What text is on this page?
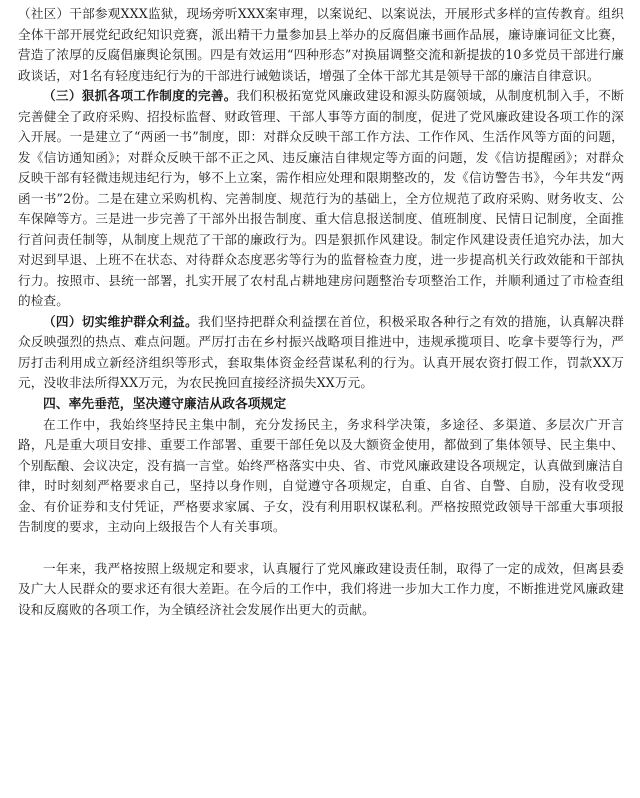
（社区）干部参观XXX监狱，现场旁听XXX案审理，以案说纪、以案说法，开展形式多样的宣传教育。组织全体干部开展党纪政纪知识竞赛，派出精干力量参加县上举办的反腐倡廉书画作品展，廉诗廉词征文比赛，营造了浓厚的反腐倡廉舆论氛围。四是有效运用“四种形态”对换届调整交流和新提拔的10多党员干部进行廉政谈话，对1名有轻度违纪行为的干部进行诫勉谈话，增强了全体干部尤其是领导干部的廉洁自律意识。

（三）狠抓各项工作制度的完善。我们积极拓宽党风廉政建设和源头防腐领域，从制度机制入手，不断完善健全了政府采购、招投标监督、财政管理、干部人事等方面的制度，促进了党风廉政建设各项工作的深入开展。一是建立了“两函一书”制度，即：对群众反映干部工作方法、工作作风、生活作风等方面的问题，发《信访通知函》；对群众反映干部不正之风、违反廉洁自律规定等方面的问题，发《信访提醒函》；对群众反映干部有轻微违规违纪行为，够不上立案，需作相应处理和限期整改的，发《信访警告书》，今年共发“两函一书”2份。二是在建立采购机构、完善制度、规范行为的基础上，全方位规范了政府采购、财务收支、公车保障等方。三是进一步完善了干部外出报告制度、重大信息报送制度、值班制度、民情日记制度，全面推行首问责任制等，从制度上规范了干部的廉政行为。四是狠抓作风建设。制定作风建设责任追究办法，加大对迟到早退、上班不在状态、对待群众态度恶劣等行为的监督检查力度，进一步提高机关行政效能和干部执行力。按照市、县统一部署，扎实开展了农村乱占耕地建房问题整治专项整治工作，并顺利通过了市检查组的检查。

（四）切实维护群众利益。我们坚持把群众利益摆在首位，积极采取各种行之有效的措施，认真解决群众反映强烈的热点、难点问题。严厉打击在乡村振兴战略项目推进中，违规承揽项目、吃拿卡要等行为，严厉打击利用成立新经济组织等形式，套取集体资金经营谋私利的行为。认真开展农资打假工作，罚款XX万元，没收非法所得XX万元，为农民挽回直接经济损失XX万元。

四、率先垂范，坚决遵守廉洁从政各项规定

在工作中，我始终坚持民主集中制，充分发扬民主，务求科学决策，多途径、多渠道、多层次广开言路，凡是重大项目安排、重要工作部署、重要干部任免以及大额资金使用，都做到了集体领导、民主集中、个别酝酿、会议决定，没有搞一言堂。始终严格落实中央、省、市党风廉政建设各项规定，认真做到廉洁自律，时时刻刻严格要求自己，坚持以身作则，自觉遵守各项规定，自重、自省、自警、自励，没有收受现金、有价证券和支付凭证，严格要求家属、子女，没有利用职权谋私利。严格按照党政领导干部重大事项报告制度的要求，主动向上级报告个人有关事项。

一年来，我严格按照上级规定和要求，认真履行了党风廉政建设责任制，取得了一定的成效，但离县委及广大人民群众的要求还有很大差距。在今后的工作中，我们将进一步加大工作力度，不断推进党风廉政建设和反腐败的各项工作，为全镇经济社会发展作出更大的贡献。
